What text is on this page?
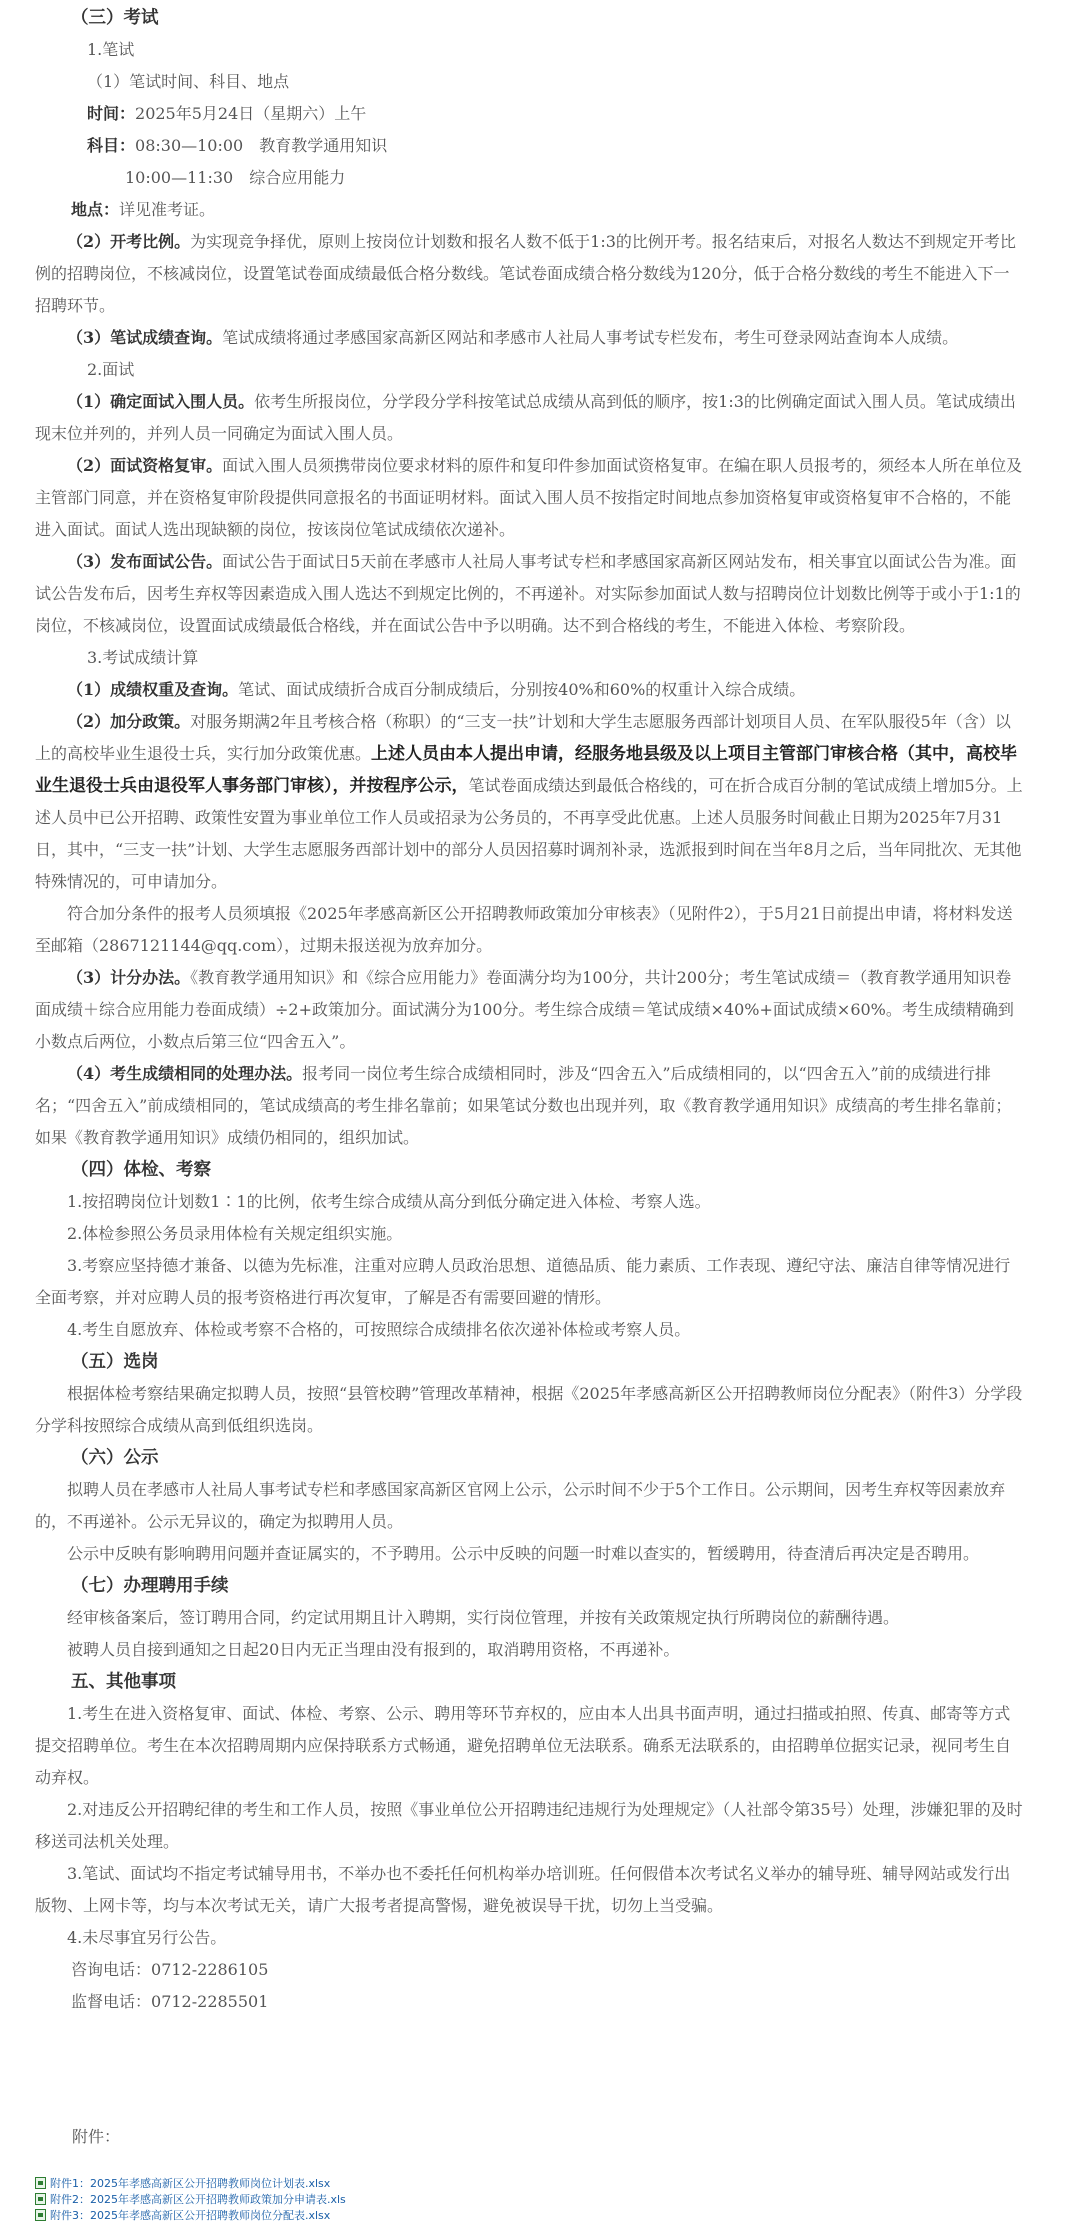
（三）考试

1.笔试

（1）笔试时间、科目、地点

时间：2025年5月24日（星期六）上午

科目：08:30—10:00　教育教学通用知识

10:00—11:30　综合应用能力

地点：详见准考证。

（2）开考比例。为实现竞争择优，原则上按岗位计划数和报名人数不低于1:3的比例开考。报名结束后，对报名人数达不到规定开考比例的招聘岗位，不核减岗位，设置笔试卷面成绩最低合格分数线。笔试卷面成绩合格分数线为120分，低于合格分数线的考生不能进入下一招聘环节。

（3）笔试成绩查询。笔试成绩将通过孝感国家高新区网站和孝感市人社局人事考试专栏发布，考生可登录网站查询本人成绩。

2.面试

（1）确定面试入围人员。依考生所报岗位，分学段分学科按笔试总成绩从高到低的顺序，按1:3的比例确定面试入围人员。笔试成绩出现末位并列的，并列人员一同确定为面试入围人员。

（2）面试资格复审。面试入围人员须携带岗位要求材料的原件和复印件参加面试资格复审。在编在职人员报考的，须经本人所在单位及主管部门同意，并在资格复审阶段提供同意报名的书面证明材料。面试入围人员不按指定时间地点参加资格复审或资格复审不合格的，不能进入面试。面试人选出现缺额的岗位，按该岗位笔试成绩依次递补。

（3）发布面试公告。面试公告于面试日5天前在孝感市人社局人事考试专栏和孝感国家高新区网站发布，相关事宜以面试公告为准。面试公告发布后，因考生弃权等因素造成入围人选达不到规定比例的，不再递补。对实际参加面试人数与招聘岗位计划数比例等于或小于1:1的岗位，不核减岗位，设置面试成绩最低合格线，并在面试公告中予以明确。达不到合格线的考生，不能进入体检、考察阶段。

3.考试成绩计算

（1）成绩权重及查询。笔试、面试成绩折合成百分制成绩后，分别按40%和60%的权重计入综合成绩。

（2）加分政策。对服务期满2年且考核合格（称职）的“三支一扶”计划和大学生志愿服务西部计划项目人员、在军队服役5年（含）以上的高校毕业生退役士兵，实行加分政策优惠。上述人员由本人提出申请，经服务地县级及以上项目主管部门审核合格（其中，高校毕业生退役士兵由退役军人事务部门审核），并按程序公示，笔试卷面成绩达到最低合格线的，可在折合成百分制的笔试成绩上增加5分。上述人员中已公开招聘、政策性安置为事业单位工作人员或招录为公务员的，不再享受此优惠。上述人员服务时间截止日期为2025年7月31日，其中，“三支一扶”计划、大学生志愿服务西部计划中的部分人员因招募时调剂补录，选派报到时间在当年8月之后，当年同批次、无其他特殊情况的，可申请加分。

符合加分条件的报考人员须填报《2025年孝感高新区公开招聘教师政策加分审核表》（见附件2），于5月21日前提出申请，将材料发送至邮箱（2867121144@qq.com），过期未报送视为放弃加分。

（3）计分办法。《教育教学通用知识》和《综合应用能力》卷面满分均为100分，共计200分；考生笔试成绩＝（教育教学通用知识卷面成绩＋综合应用能力卷面成绩）÷2+政策加分。面试满分为100分。考生综合成绩＝笔试成绩×40%+面试成绩×60%。考生成绩精确到小数点后两位，小数点后第三位“四舍五入”。

（4）考生成绩相同的处理办法。报考同一岗位考生综合成绩相同时，涉及“四舍五入”后成绩相同的，以“四舍五入”前的成绩进行排名；“四舍五入”前成绩相同的，笔试成绩高的考生排名靠前；如果笔试分数也出现并列，取《教育教学通用知识》成绩高的考生排名靠前；如果《教育教学通用知识》成绩仍相同的，组织加试。

（四）体检、考察

1.按招聘岗位计划数1∶1的比例，依考生综合成绩从高分到低分确定进入体检、考察人选。

2.体检参照公务员录用体检有关规定组织实施。

3.考察应坚持德才兼备、以德为先标准，注重对应聘人员政治思想、道德品质、能力素质、工作表现、遵纪守法、廉洁自律等情况进行全面考察，并对应聘人员的报考资格进行再次复审，了解是否有需要回避的情形。

4.考生自愿放弃、体检或考察不合格的，可按照综合成绩排名依次递补体检或考察人员。

（五）选岗

根据体检考察结果确定拟聘人员，按照“县管校聘”管理改革精神，根据《2025年孝感高新区公开招聘教师岗位分配表》（附件3）分学段分学科按照综合成绩从高到低组织选岗。

（六）公示

拟聘人员在孝感市人社局人事考试专栏和孝感国家高新区官网上公示，公示时间不少于5个工作日。公示期间，因考生弃权等因素放弃的，不再递补。公示无异议的，确定为拟聘用人员。

公示中反映有影响聘用问题并查证属实的，不予聘用。公示中反映的问题一时难以查实的，暂缓聘用，待查清后再决定是否聘用。

（七）办理聘用手续

经审核备案后，签订聘用合同，约定试用期且计入聘期，实行岗位管理，并按有关政策规定执行所聘岗位的薪酬待遇。

被聘人员自接到通知之日起20日内无正当理由没有报到的，取消聘用资格，不再递补。

五、其他事项

1.考生在进入资格复审、面试、体检、考察、公示、聘用等环节弃权的，应由本人出具书面声明，通过扫描或拍照、传真、邮寄等方式提交招聘单位。考生在本次招聘周期内应保持联系方式畅通，避免招聘单位无法联系。确系无法联系的，由招聘单位据实记录，视同考生自动弃权。

2.对违反公开招聘纪律的考生和工作人员，按照《事业单位公开招聘违纪违规行为处理规定》（人社部令第35号）处理，涉嫌犯罪的及时移送司法机关处理。

3.笔试、面试均不指定考试辅导用书，不举办也不委托任何机构举办培训班。任何假借本次考试名义举办的辅导班、辅导网站或发行出版物、上网卡等，均与本次考试无关，请广大报考者提高警惕，避免被误导干扰，切勿上当受骗。

4.未尽事宜另行公告。

咨询电话：0712-2286105

监督电话：0712-2285501

附件：
附件1：2025年孝感高新区公开招聘教师岗位计划表.xlsx
附件2：2025年孝感高新区公开招聘教师政策加分申请表.xls
附件3：2025年孝感高新区公开招聘教师岗位分配表.xlsx
